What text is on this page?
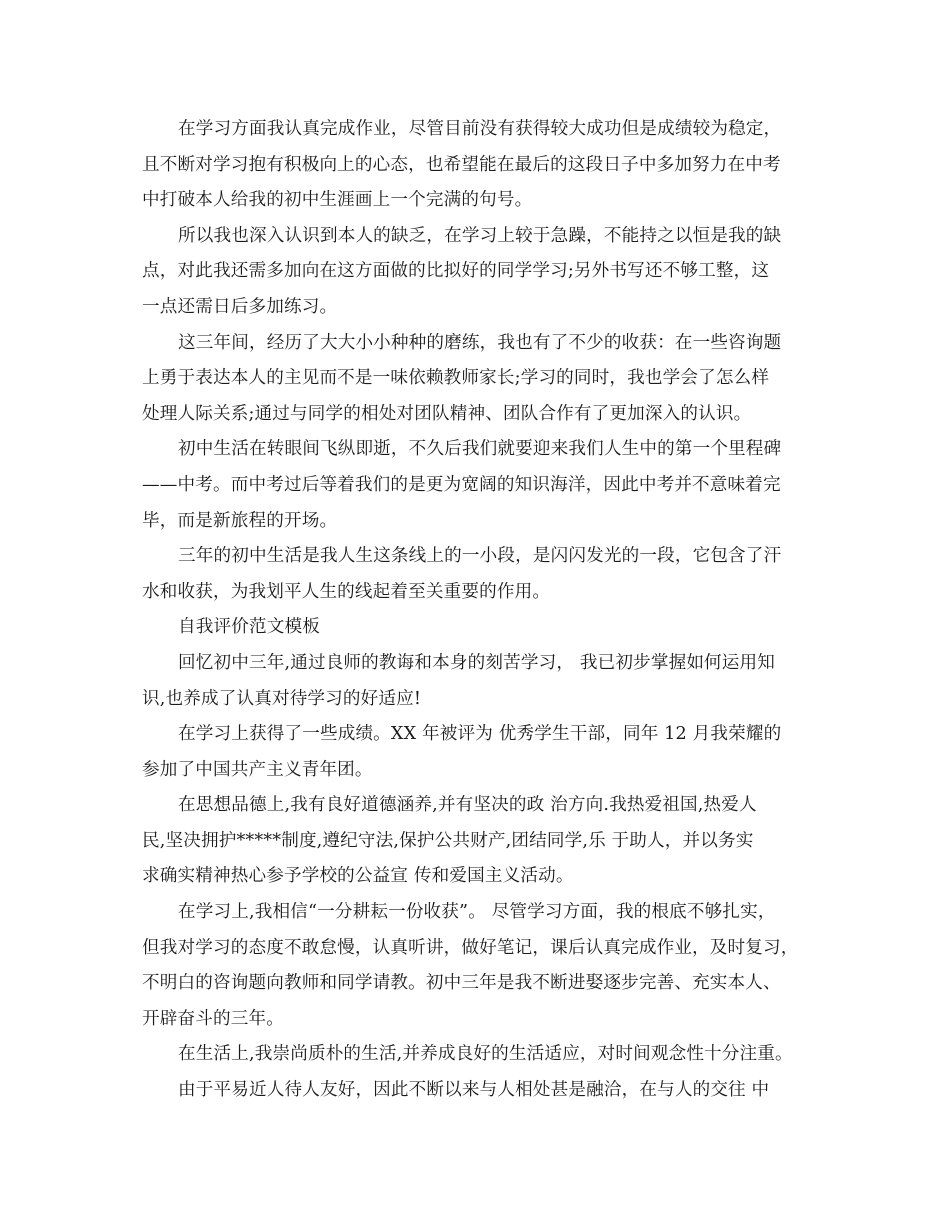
在学习方面我认真完成作业，尽管目前没有获得较大成功但是成绩较为稳定，
且不断对学习抱有积极向上的心态，也希望能在最后的这段日子中多加努力在中考
中打破本人给我的初中生涯画上一个完满的句号。
所以我也深入认识到本人的缺乏，在学习上较于急躁，不能持之以恒是我的缺
点，对此我还需多加向在这方面做的比拟好的同学学习;另外书写还不够工整，这
一点还需日后多加练习。
这三年间，经历了大大小小种种的磨练，我也有了不少的收获：在一些咨询题
上勇于表达本人的主见而不是一味依赖教师家长;学习的同时，我也学会了怎么样
处理人际关系;通过与同学的相处对团队精神、团队合作有了更加深入的认识。
初中生活在转眼间飞纵即逝，不久后我们就要迎来我们人生中的第一个里程碑
——中考。而中考过后等着我们的是更为宽阔的知识海洋，因此中考并不意味着完
毕，而是新旅程的开场。
三年的初中生活是我人生这条线上的一小段，是闪闪发光的一段，它包含了汗
水和收获，为我划平人生的线起着至关重要的作用。
自我评价范文模板
回忆初中三年,通过良师的教诲和本身的刻苦学习， 我已初步掌握如何运用知
识,也养成了认真对待学习的好适应!
在学习上获得了一些成绩。XX 年被评为 优秀学生干部，同年 12 月我荣耀的
参加了中国共产主义青年团。
在思想品德上,我有良好道德涵养,并有坚决的政 治方向.我热爱祖国,热爱人
民,坚决拥护*****制度,遵纪守法,保护公共财产,团结同学,乐 于助人，并以务实
求确实精神热心参予学校的公益宣 传和爱国主义活动。
在学习上,我相信“一分耕耘一份收获”。 尽管学习方面，我的根底不够扎实，
但我对学习的态度不敢怠慢，认真听讲，做好笔记，课后认真完成作业，及时复习，
不明白的咨询题向教师和同学请教。初中三年是我不断进娶逐步完善、充实本人、
开辟奋斗的三年。
在生活上,我崇尚质朴的生活,并养成良好的生活适应，对时间观念性十分注重。
由于平易近人待人友好，因此不断以来与人相处甚是融洽，在与人的交往 中
